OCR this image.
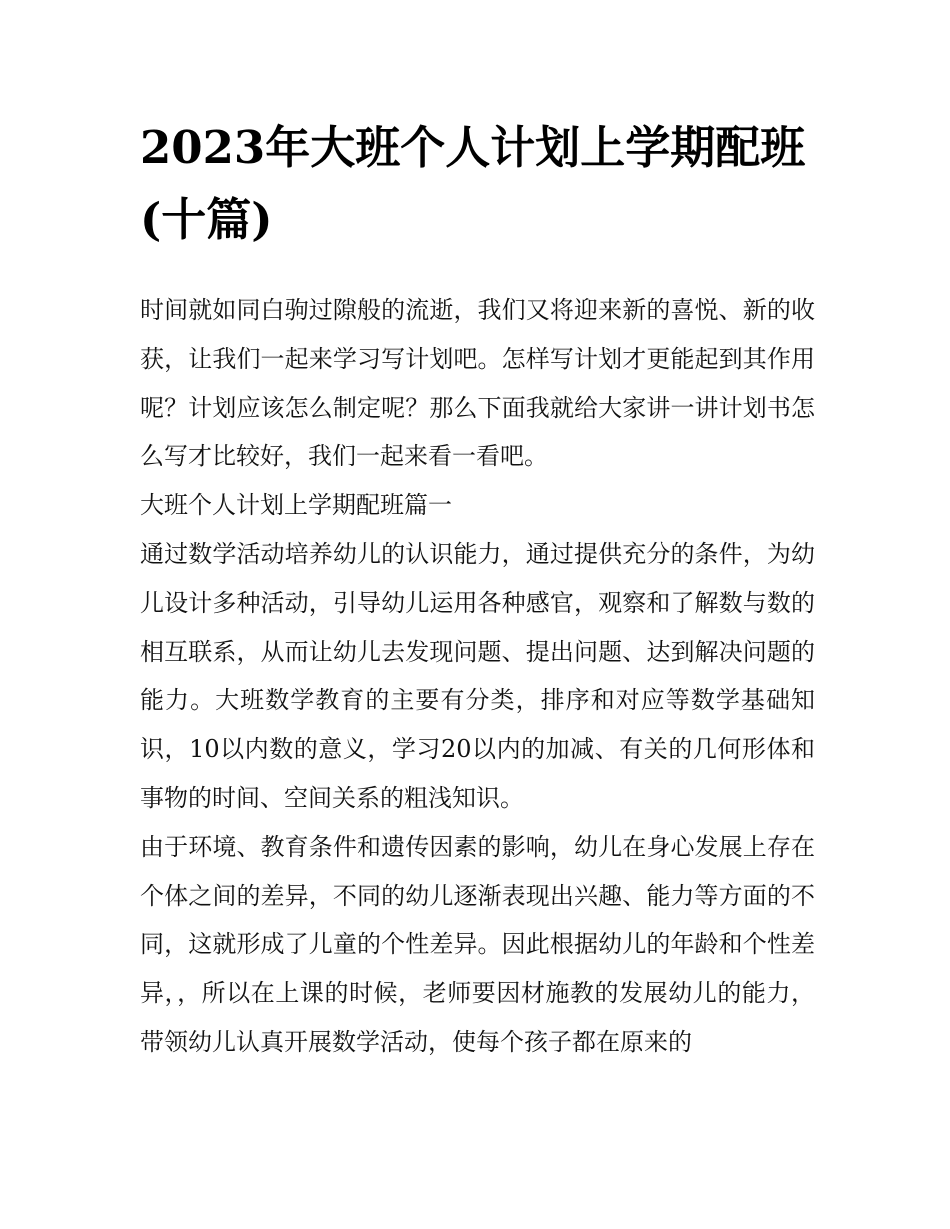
2023年大班个人计划上学期配班(十篇)

时间就如同白驹过隙般的流逝，我们又将迎来新的喜悦、新的收获，让我们一起来学习写计划吧。怎样写计划才更能起到其作用呢？计划应该怎么制定呢？那么下面我就给大家讲一讲计划书怎么写才比较好，我们一起来看一看吧。

大班个人计划上学期配班篇一

通过数学活动培养幼儿的认识能力，通过提供充分的条件，为幼儿设计多种活动，引导幼儿运用各种感官，观察和了解数与数的相互联系，从而让幼儿去发现问题、提出问题、达到解决问题的能力。大班数学教育的主要有分类，排序和对应等数学基础知识，10以内数的意义，学习20以内的加减、有关的几何形体和事物的时间、空间关系的粗浅知识。

由于环境、教育条件和遗传因素的影响，幼儿在身心发展上存在个体之间的差异，不同的幼儿逐渐表现出兴趣、能力等方面的不同，这就形成了儿童的个性差异。因此根据幼儿的年龄和个性差异，，所以在上课的时候，老师要因材施教的发展幼儿的能力，带领幼儿认真开展数学活动，使每个孩子都在原来的
